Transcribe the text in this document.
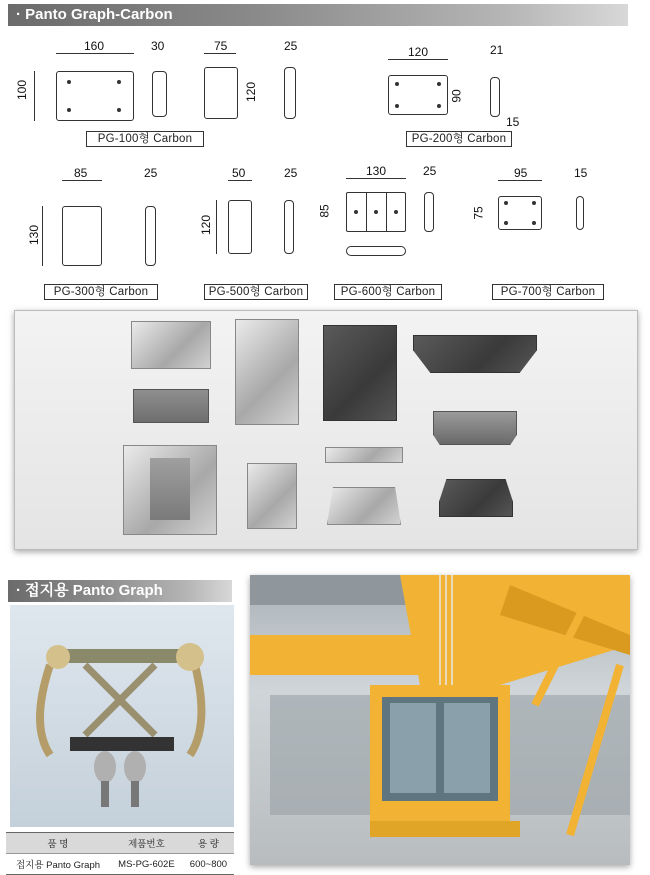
· Panto Graph-Carbon
160
100
30	75
120
25
PG-100형 Carbon
120
90
21
15
PG-200형 Carbon
85
130
25
PG-300형 Carbon
50
120
25
PG-500형 Carbon
130
85
25
PG-600형 Carbon
95
75
15
PG-700형 Carbon
· 접지용 Panto Graph
품 명	제품번호	용 량
접지용 Panto Graph	MS-PG-602E	600~800
